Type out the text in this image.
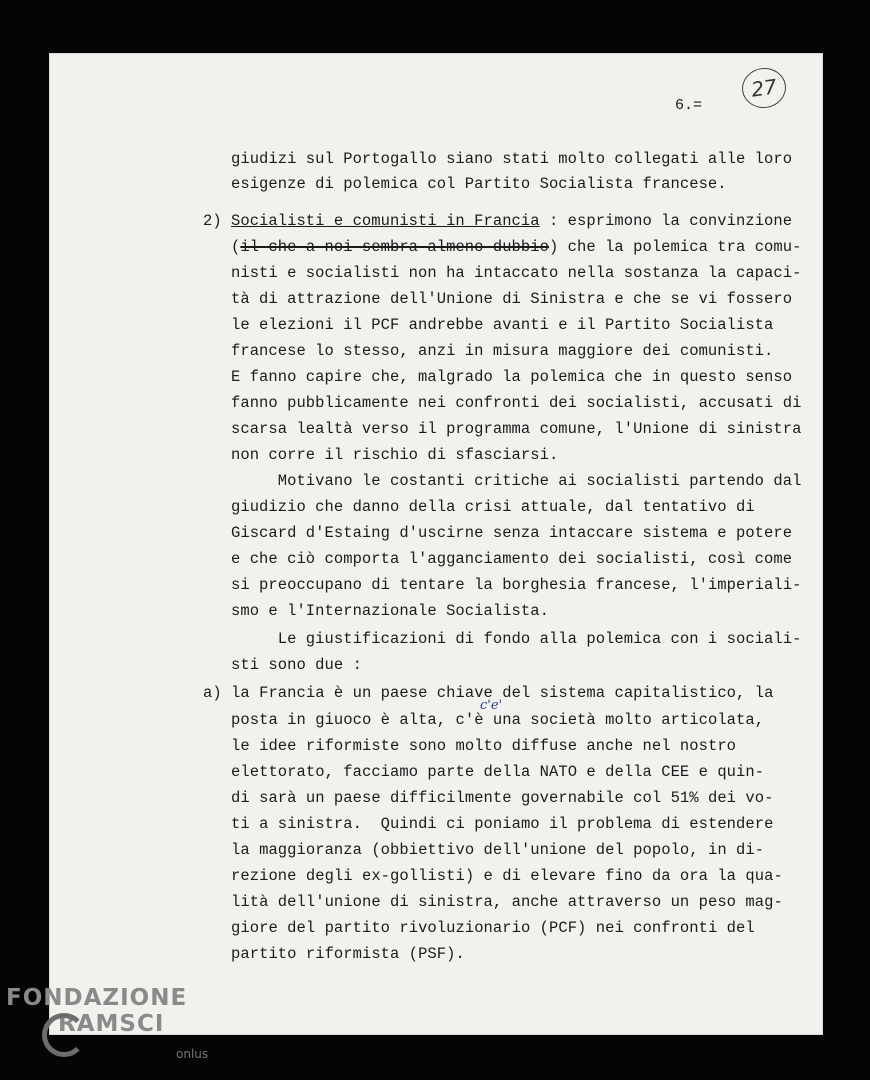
27
6.=
giudizi sul Portogallo siano stati molto collegati alle loro
esigenze di polemica col Partito Socialista francese.
2) Socialisti e comunisti in Francia : esprimono la convinzione
(il che a noi sembra almeno dubbio) che la polemica tra comu-
nisti e socialisti non ha intaccato nella sostanza la capaci-
tà di attrazione dell'Unione di Sinistra e che se vi fossero
le elezioni il PCF andrebbe avanti e il Partito Socialista
francese lo stesso, anzi in misura maggiore dei comunisti.
E fanno capire che, malgrado la polemica che in questo senso
fanno pubblicamente nei confronti dei socialisti, accusati di
scarsa lealtà verso il programma comune, l'Unione di sinistra
non corre il rischio di sfasciarsi.
Motivano le costanti critiche ai socialisti partendo dal
giudizio che danno della crisi attuale, dal tentativo di
Giscard d'Estaing d'uscirne senza intaccare sistema e potere
e che ciò comporta l'agganciamento dei socialisti, così come
si preoccupano di tentare la borghesia francese, l'imperiali-
smo e l'Internazionale Socialista.
Le giustificazioni di fondo alla polemica con i sociali-
sti sono due :
c'e'
a) la Francia è un paese chiave del sistema capitalistico, la
posta in giuoco è alta, c'è una società molto articolata,
le idee riformiste sono molto diffuse anche nel nostro
elettorato, facciamo parte della NATO e della CEE e quin-
di sarà un paese difficilmente governabile col 51% dei vo-
ti a sinistra.  Quindi ci poniamo il problema di estendere
la maggioranza (obbiettivo dell'unione del popolo, in di-
rezione degli ex-gollisti) e di elevare fino da ora la qua-
lità dell'unione di sinistra, anche attraverso un peso mag-
giore del partito rivoluzionario (PCF) nei confronti del
partito riformista (PSF).
FONDAZIONE
RAMSCI
onlus
